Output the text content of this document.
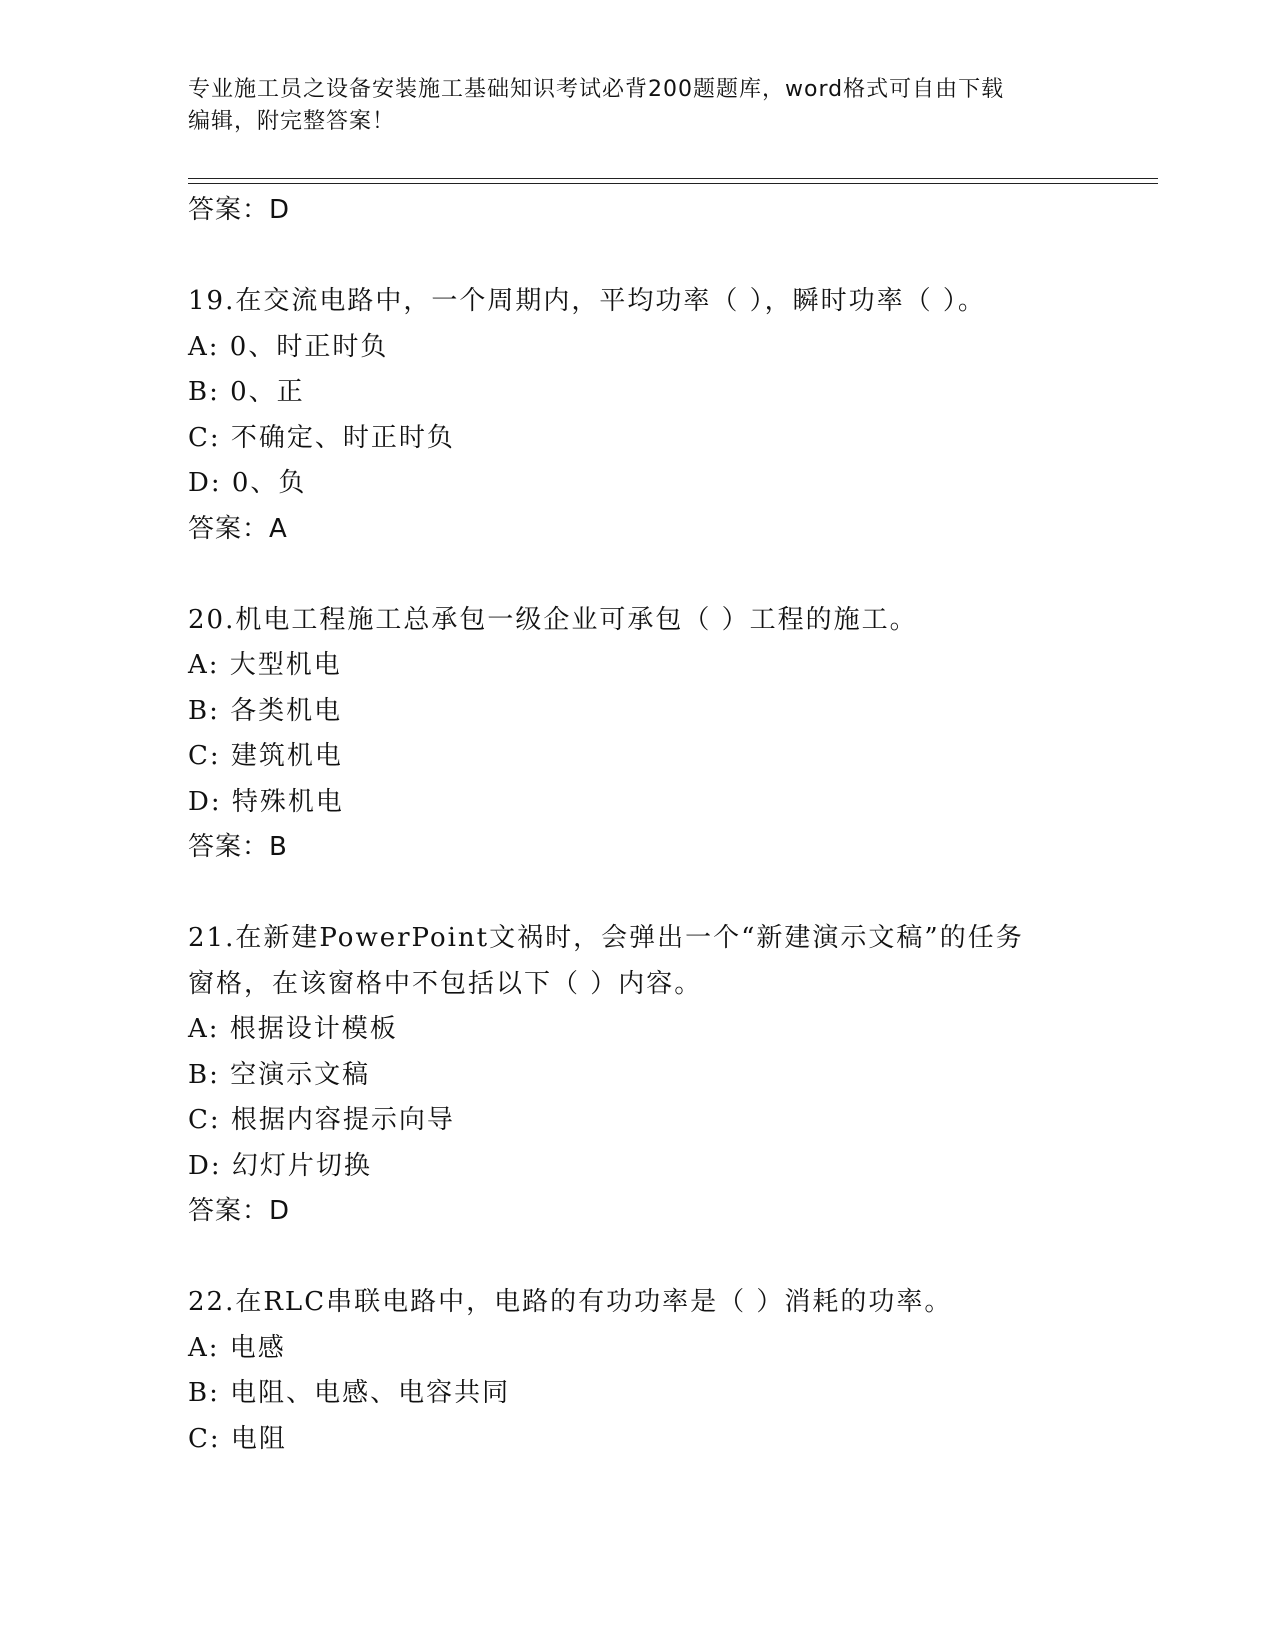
专业施工员之设备安装施工基础知识考试必背200题题库，word格式可自由下载
编辑，附完整答案！
答案：D
19.在交流电路中，一个周期内，平均功率（ ），瞬时功率（ ）。
A: 0、时正时负
B: 0、正
C: 不确定、时正时负
D: 0、负
答案：A
20.机电工程施工总承包一级企业可承包（ ）工程的施工。
A: 大型机电
B: 各类机电
C: 建筑机电
D: 特殊机电
答案：B
21.在新建PowerPoint文祸时，会弹出一个“新建演示文稿”的任务
窗格，在该窗格中不包括以下（ ）内容。
A: 根据设计模板
B: 空演示文稿
C: 根据内容提示向导
D: 幻灯片切换
答案：D
22.在RLC串联电路中，电路的有功功率是（ ）消耗的功率。
A: 电感
B: 电阻、电感、电容共同
C: 电阻
